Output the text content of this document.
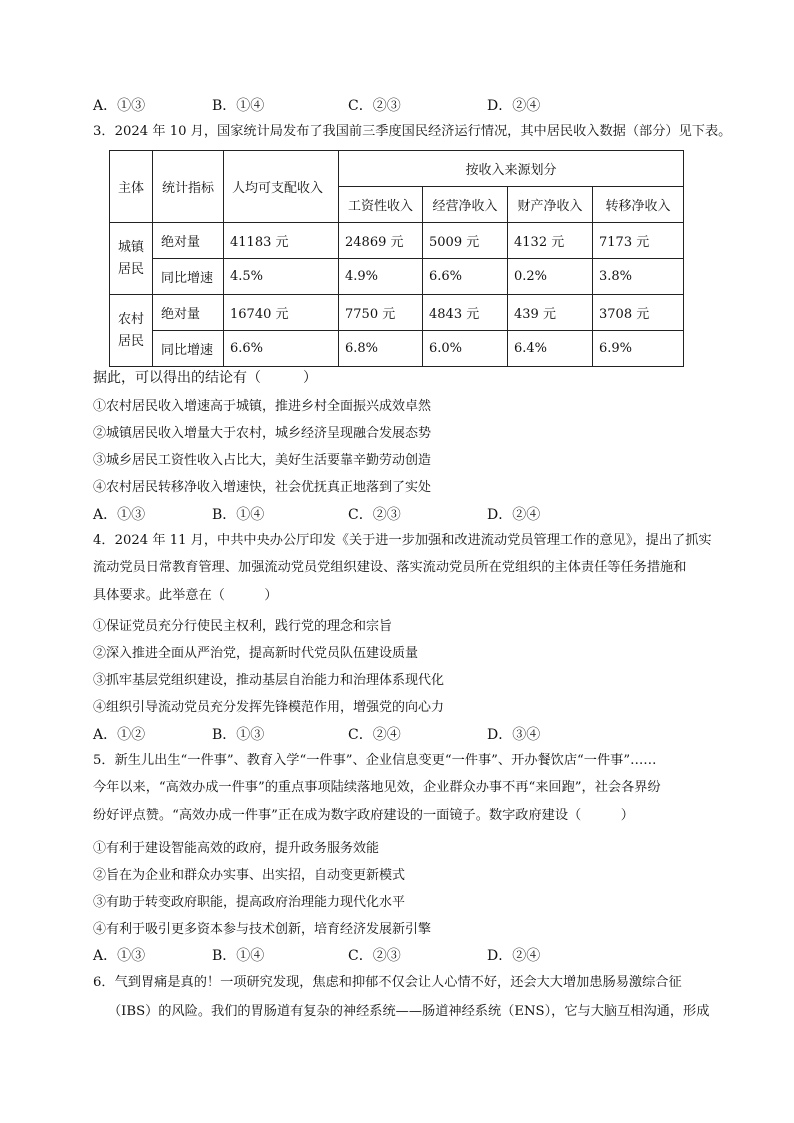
A．①③	B．①④	C．②③	D．②④
3．2024 年 10 月，国家统计局发布了我国前三季度国民经济运行情况，其中居民收入数据（部分）见下表。
主体	统计指标	人均可支配收入	按收入来源划分			
			工资性收入	经营净收入	财产净收入	转移净收入
城镇居民	绝对量	41183 元	24869 元	5009 元	4132 元	7173 元
	同比增速	4.5%	4.9%	6.6%	0.2%	3.8%
农村居民	绝对量	16740 元	7750 元	4843 元	439 元	3708 元
	同比增速	6.6%	6.8%	6.0%	6.4%	6.9%
据此，可以得出的结论有（　　　）
①农村居民收入增速高于城镇，推进乡村全面振兴成效卓然
②城镇居民收入增量大于农村，城乡经济呈现融合发展态势
③城乡居民工资性收入占比大，美好生活要靠辛勤劳动创造
④农村居民转移净收入增速快，社会优抚真正地落到了实处
A．①③	B．①④	C．②③	D．②④
4．2024 年 11 月，中共中央办公厅印发《关于进一步加强和改进流动党员管理工作的意见》，提出了抓实
流动党员日常教育管理、加强流动党员党组织建设、落实流动党员所在党组织的主体责任等任务措施和
具体要求。此举意在（　　　）
①保证党员充分行使民主权利，践行党的理念和宗旨
②深入推进全面从严治党，提高新时代党员队伍建设质量
③抓牢基层党组织建设，推动基层自治能力和治理体系现代化
④组织引导流动党员充分发挥先锋模范作用，增强党的向心力
A．①②	B．①③	C．②④	D．③④
5．新生儿出生“一件事”、教育入学“一件事”、企业信息变更“一件事”、开办餐饮店“一件事”……
今年以来，“高效办成一件事”的重点事项陆续落地见效，企业群众办事不再“来回跑”，社会各界纷
纷好评点赞。“高效办成一件事”正在成为数字政府建设的一面镜子。数字政府建设（　　　）
①有利于建设智能高效的政府，提升政务服务效能
②旨在为企业和群众办实事、出实招，自动变更新模式
③有助于转变政府职能，提高政府治理能力现代化水平
④有利于吸引更多资本参与技术创新，培育经济发展新引擎
A．①③	B．①④	C．②③	D．②④
6．气到胃痛是真的！一项研究发现，焦虑和抑郁不仅会让人心情不好，还会大大增加患肠易激综合征
（IBS）的风险。我们的胃肠道有复杂的神经系统——肠道神经系统（ENS），它与大脑互相沟通，形成
